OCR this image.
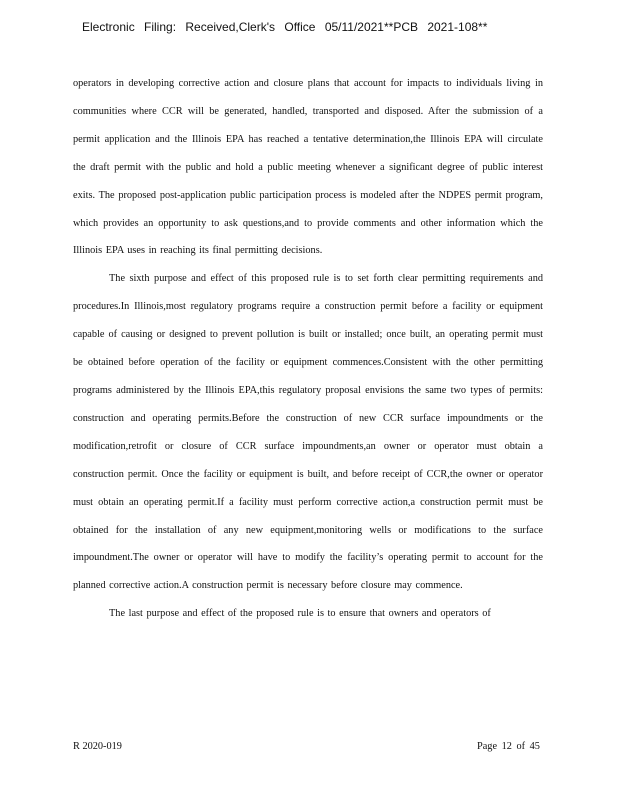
Electronic Filing: Received,Clerk's Office 05/11/2021**PCB 2021-108**

operators in developing corrective action and closure plans that account for impacts to individuals living in communities where CCR will be generated, handled, transported and disposed. After the submission of a permit application and the Illinois EPA has reached a tentative determination,the Illinois EPA will circulate the draft permit with the public and hold a public meeting whenever a significant degree of public interest exits. The proposed post-application public participation process is modeled after the NDPES permit program, which provides an opportunity to ask questions,and to provide comments and other information which the Illinois EPA uses in reaching its final permitting decisions.

The sixth purpose and effect of this proposed rule is to set forth clear permitting requirements and procedures.In Illinois,most regulatory programs require a construction permit before a facility or equipment capable of causing or designed to prevent pollution is built or installed; once built, an operating permit must be obtained before operation of the facility or equipment commences.Consistent with the other permitting programs administered by the Illinois EPA,this regulatory proposal envisions the same two types of permits: construction and operating permits.Before the construction of new CCR surface impoundments or the modification,retrofit or closure of CCR surface impoundments,an owner or operator must obtain a construction permit. Once the facility or equipment is built, and before receipt of CCR,the owner or operator must obtain an operating permit.If a facility must perform corrective action,a construction permit must be obtained for the installation of any new equipment,monitoring wells or modifications to the surface impoundment.The owner or operator will have to modify the facility’s operating permit to account for the planned corrective action.A construction permit is necessary before closure may commence.

The last purpose and effect of the proposed rule is to ensure that owners and operators of

R 2020-019	Page 12 of 45
